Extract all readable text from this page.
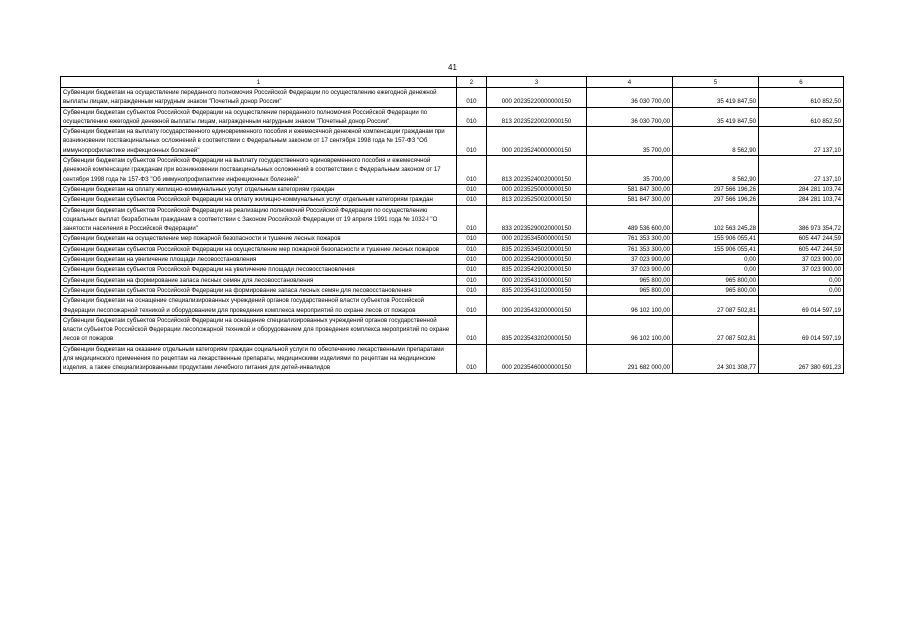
41
1	2	3	4	5	6
Субвенции бюджетам на осуществление переданного полномочия Российской Федерации по осуществлению ежегодной денежной выплаты лицам, награжденным нагрудным знаком "Почетный донор России"	010	000 20235220000000150	36 030 700,00	35 419 847,50	610 852,50
Субвенции бюджетам субъектов Российской Федерации на осуществление переданного полномочия Российской Федерации по осуществлению ежегодной денежной выплаты лицам, награжденным нагрудным знаком "Почетный донор России"	010	813 20235220020000150	36 030 700,00	35 419 847,50	610 852,50
Субвенции бюджетам на выплату государственного единовременного пособия и ежемесячной денежной компенсации гражданам при возникновении поствакцинальных осложнений в соответствии с Федеральным законом от 17 сентября 1998 года № 157-ФЗ "Об иммунопрофилактике инфекционных болезней"	010	000 20235240000000150	35 700,00	8 562,90	27 137,10
Субвенции бюджетам субъектов Российской Федерации на выплату государственного единовременного пособия и ежемесячной денежной компенсации гражданам при возникновении поствакцинальных осложнений в соответствии с Федеральным законом от 17 сентября 1998 года № 157-ФЗ "Об иммунопрофилактике инфекционных болезней"	010	813 20235240020000150	35 700,00	8 562,90	27 137,10
Субвенции бюджетам на оплату жилищно-коммунальных услуг отдельным категориям граждан	010	000 20235250000000150	581 847 300,00	297 566 196,26	284 281 103,74
Субвенции бюджетам субъектов Российской Федерации на оплату жилищно-коммунальных услуг отдельным категориям граждан	010	813 20235250020000150	581 847 300,00	297 566 196,26	284 281 103,74
Субвенции бюджетам субъектов Российской Федерации на реализацию полномочий Российской Федерации по осуществлению социальных выплат безработным гражданам в соответствии с Законом Российской Федерации от 19 апреля 1991 года № 1032-I "О занятости населения в Российской Федерации"	010	833 20235290020000150	489 536 600,00	102 563 245,28	386 973 354,72
Субвенции бюджетам на осуществление мер пожарной безопасности и тушение лесных пожаров	010	000 20235345000000150	761 353 300,00	155 906 055,41	605 447 244,59
Субвенции бюджетам субъектов Российской Федерации на осуществление мер пожарной безопасности и тушение лесных пожаров	010	835 20235345020000150	761 353 300,00	155 906 055,41	605 447 244,59
Субвенции бюджетам на увеличение площади лесовосстановления	010	000 20235429000000150	37 023 900,00	0,00	37 023 900,00
Субвенции бюджетам субъектов Российской Федерации на увеличение площади лесовосстановления	010	835 20235429020000150	37 023 900,00	0,00	37 023 900,00
Субвенции бюджетам на формирование запаса лесных семян для лесовосстановления	010	000 20235431000000150	965 800,00	965 800,00	0,00
Субвенции бюджетам субъектов Российской Федерации на формирование запаса лесных семян для лесовосстановления	010	835 20235431020000150	965 800,00	965 800,00	0,00
Субвенции бюджетам на оснащение специализированных учреждений органов государственной власти субъектов Российской Федерации лесопожарной техникой и оборудованием для проведения комплекса мероприятий по охране лесов от пожаров	010	000 20235432000000150	96 102 100,00	27 087 502,81	69 014 597,19
Субвенции бюджетам субъектов Российской Федерации на оснащение специализированных учреждений органов государственной власти субъектов Российской Федерации лесопожарной техникой и оборудованием для проведения комплекса мероприятий по охране лесов от пожаров	010	835 20235432020000150	96 102 100,00	27 087 502,81	69 014 597,19
Субвенции бюджетам на оказание отдельным категориям граждан социальной услуги по обеспечению лекарственными препаратами для медицинского применения по рецептам на лекарственные препараты, медицинскими изделиями по рецептам на медицинские изделия, а также специализированными продуктами лечебного питания для детей-инвалидов	010	000 20235460000000150	291 682 000,00	24 301 308,77	267 380 691,23
